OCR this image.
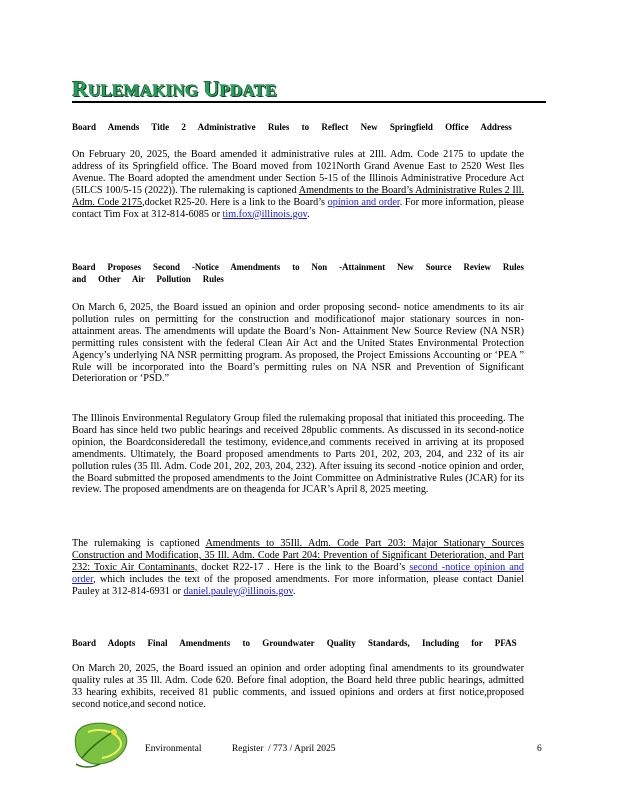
RULEMAKING UPDATE
Board Amends Title 2 Administrative Rules to Reflect New Springfield Office Address
On February 20, 2025, the Board amended it administrative rules at 2Ill. Adm. Code 2175 to update the address of its Springfield office. The Board moved from 1021North Grand Avenue East to 2520 West Iles Avenue. The Board adopted the amendment under Section 5-15 of the Illinois Administrative Procedure Act (5ILCS 100/5-15 (2022)). The rulemaking is captioned Amendments to the Board’s Administrative Rules 2 Ill. Adm. Code 2175,docket R25-20. Here is a link to the Board’s opinion and order. For more information, please contact Tim Fox at 312-814-6085 or tim.fox@illinois.gov.
Board Proposes Second -Notice Amendments to Non -Attainment New Source Review Rules
and Other Air Pollution Rules
On March 6, 2025, the Board issued an opinion and order proposing second- notice amendments to its air pollution rules on permitting for the construction and modificationof major stationary sources in non- attainment areas. The amendments will update the Board’s Non- Attainment New Source Review (NA NSR) permitting rules consistent with the federal Clean Air Act and the United States Environmental Protection Agency’s underlying NA NSR permitting program. As proposed, the Project Emissions Accounting or ‘PEA ” Rule will be incorporated into the Board’s permitting rules on NA NSR and Prevention of Significant Deterioration or ‘PSD.”
The Illinois Environmental Regulatory Group filed the rulemaking proposal that initiated this proceeding. The Board has since held two public hearings and received 28public comments. As discussed in its second-notice opinion, the Boardconsideredall the testimony, evidence,and comments received in arriving at its proposed amendments. Ultimately, the Board proposed amendments to Parts 201, 202, 203, 204, and 232 of its air pollution rules (35 Ill. Adm. Code 201, 202, 203, 204, 232). After issuing its second -notice opinion and order, the Board submitted the proposed amendments to the Joint Committee on Administrative Rules (JCAR) for its review. The proposed amendments are on theagenda for JCAR’s April 8, 2025 meeting.
The rulemaking is captioned Amendments to 35Ill. Adm. Code Part 203: Major Stationary Sources Construction and Modification, 35 Ill. Adm. Code Part 204: Prevention of Significant Deterioration, and Part 232: Toxic Air Contaminants, docket R22-17 . Here is the link to the Board’s second -notice opinion and order, which includes the text of the proposed amendments. For more information, please contact Daniel Pauley at 312-814-6931 or daniel.pauley@illinois.gov.
Board Adopts Final Amendments to Groundwater Quality Standards, Including for PFAS
On March 20, 2025, the Board issued an opinion and order adopting final amendments to its groundwater quality rules at 35 Ill. Adm. Code 620. Before final adoption, the Board held three public hearings, admitted 33 hearing exhibits, received 81 public comments, and issued opinions and orders at first notice,proposed second notice,and second notice.
Environmental Register / 773 / April 2025	6
